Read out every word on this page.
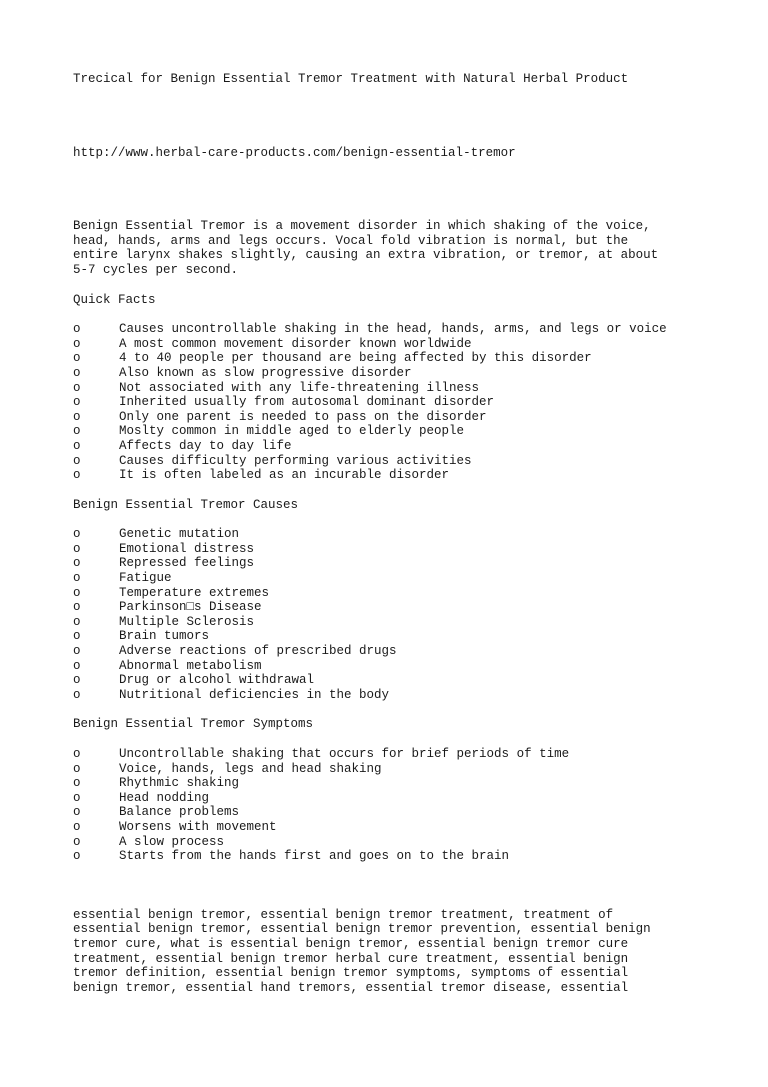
Trecical for Benign Essential Tremor Treatment with Natural Herbal Product
http://www.herbal-care-products.com/benign-essential-tremor
Benign Essential Tremor is a movement disorder in which shaking of the voice,
head, hands, arms and legs occurs. Vocal fold vibration is normal, but the
entire larynx shakes slightly, causing an extra vibration, or tremor, at about
5-7 cycles per second.
Quick Facts
o	Causes uncontrollable shaking in the head, hands, arms, and legs or voice
o	A most common movement disorder known worldwide
o	4 to 40 people per thousand are being affected by this disorder
o	Also known as slow progressive disorder
o	Not associated with any life-threatening illness
o	Inherited usually from autosomal dominant disorder
o	Only one parent is needed to pass on the disorder
o	Moslty common in middle aged to elderly people
o	Affects day to day life
o	Causes difficulty performing various activities
o	It is often labeled as an incurable disorder
Benign Essential Tremor Causes
o	Genetic mutation
o	Emotional distress
o	Repressed feelings
o	Fatigue
o	Temperature extremes
o	Parkinson□s Disease
o	Multiple Sclerosis
o	Brain tumors
o	Adverse reactions of prescribed drugs
o	Abnormal metabolism
o	Drug or alcohol withdrawal
o	Nutritional deficiencies in the body
Benign Essential Tremor Symptoms
o	Uncontrollable shaking that occurs for brief periods of time
o	Voice, hands, legs and head shaking
o	Rhythmic shaking
o	Head nodding
o	Balance problems
o	Worsens with movement
o	A slow process
o	Starts from the hands first and goes on to the brain
essential benign tremor, essential benign tremor treatment, treatment of
essential benign tremor, essential benign tremor prevention, essential benign
tremor cure, what is essential benign tremor, essential benign tremor cure
treatment, essential benign tremor herbal cure treatment, essential benign
tremor definition, essential benign tremor symptoms, symptoms of essential
benign tremor, essential hand tremors, essential tremor disease, essential
